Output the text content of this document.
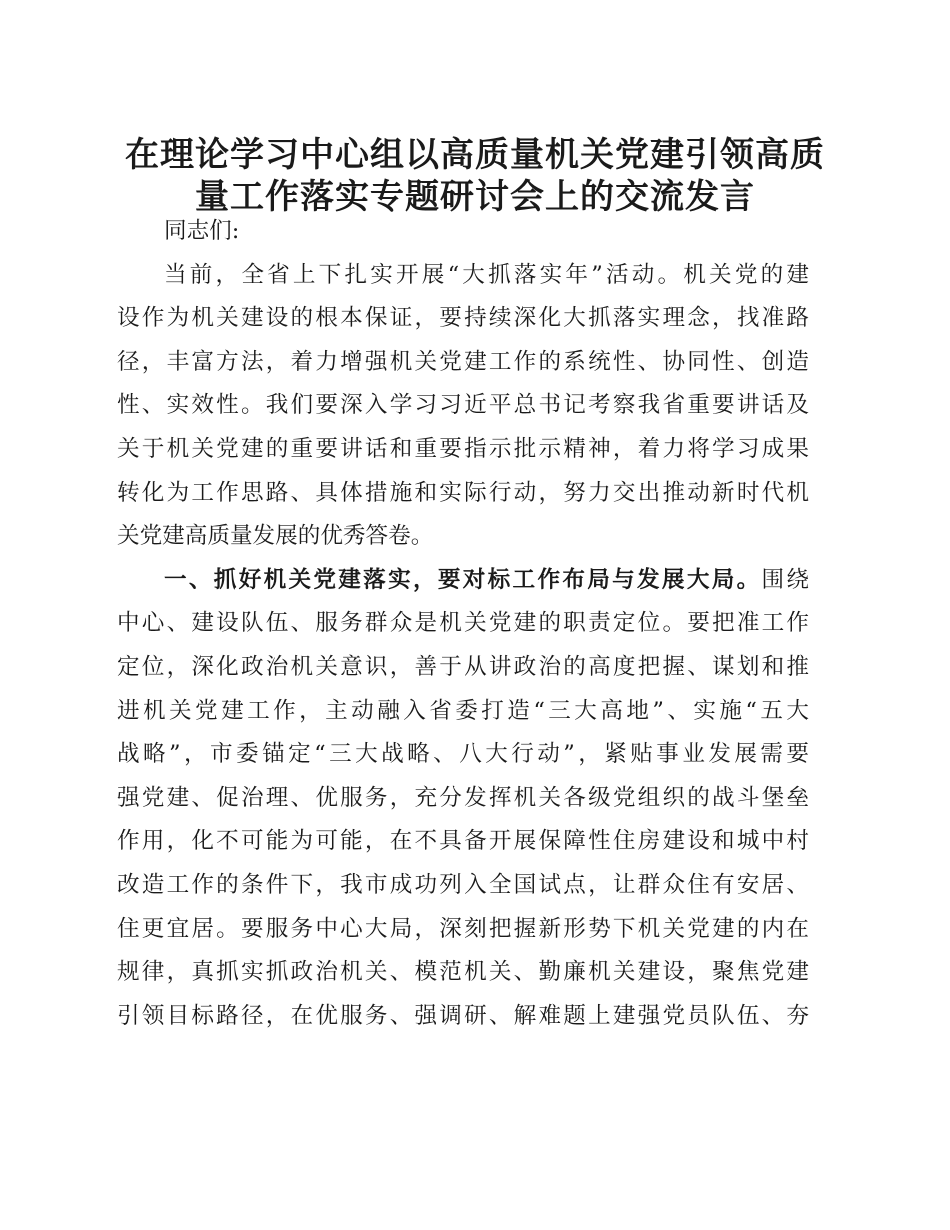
在理论学习中心组以高质量机关党建引领高质
量工作落实专题研讨会上的交流发言
同志们:
当前，全省上下扎实开展“大抓落实年”活动。机关党的建
设作为机关建设的根本保证，要持续深化大抓落实理念，找准路
径，丰富方法，着力增强机关党建工作的系统性、协同性、创造
性、实效性。我们要深入学习习近平总书记考察我省重要讲话及
关于机关党建的重要讲话和重要指示批示精神，着力将学习成果
转化为工作思路、具体措施和实际行动，努力交出推动新时代机
关党建高质量发展的优秀答卷。
一、抓好机关党建落实，要对标工作布局与发展大局。围绕
中心、建设队伍、服务群众是机关党建的职责定位。要把准工作
定位，深化政治机关意识，善于从讲政治的高度把握、谋划和推
进机关党建工作，主动融入省委打造“三大高地”、实施“五大
战略”，市委锚定“三大战略、八大行动”，紧贴事业发展需要
强党建、促治理、优服务，充分发挥机关各级党组织的战斗堡垒
作用，化不可能为可能，在不具备开展保障性住房建设和城中村
改造工作的条件下，我市成功列入全国试点，让群众住有安居、
住更宜居。要服务中心大局，深刻把握新形势下机关党建的内在
规律，真抓实抓政治机关、模范机关、勤廉机关建设，聚焦党建
引领目标路径，在优服务、强调研、解难题上建强党员队伍、夯
